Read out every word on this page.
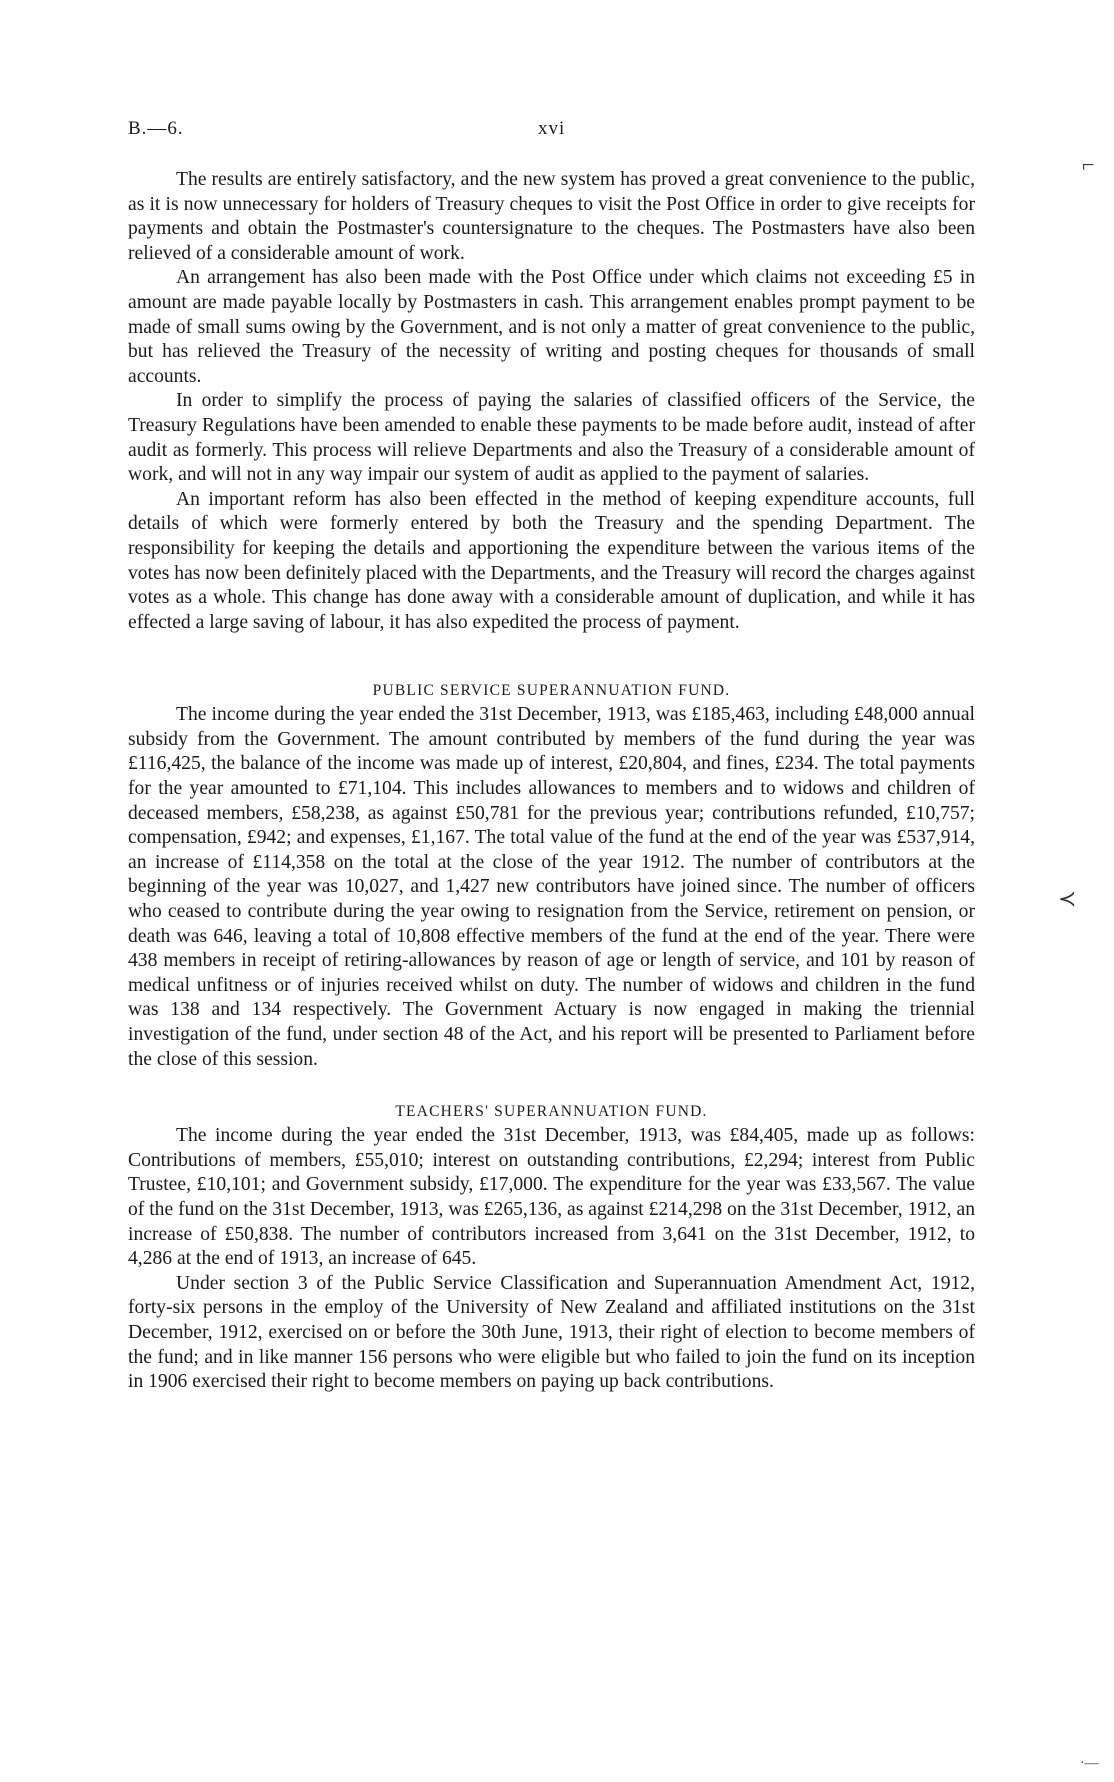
B.—6.	xvi
⌐
≺
·—

The results are entirely satisfactory, and the new system has proved a great convenience to the public, as it is now unnecessary for holders of Treasury cheques to visit the Post Office in order to give receipts for payments and obtain the Postmaster's countersignature to the cheques. The Postmasters have also been relieved of a considerable amount of work.

An arrangement has also been made with the Post Office under which claims not exceeding £5 in amount are made payable locally by Postmasters in cash. This arrangement enables prompt payment to be made of small sums owing by the Government, and is not only a matter of great convenience to the public, but has relieved the Treasury of the necessity of writing and posting cheques for thousands of small accounts.

In order to simplify the process of paying the salaries of classified officers of the Service, the Treasury Regulations have been amended to enable these payments to be made before audit, instead of after audit as formerly. This process will relieve Departments and also the Treasury of a considerable amount of work, and will not in any way impair our system of audit as applied to the payment of salaries.

An important reform has also been effected in the method of keeping expenditure accounts, full details of which were formerly entered by both the Treasury and the spending Department. The responsibility for keeping the details and apportioning the expenditure between the various items of the votes has now been definitely placed with the Departments, and the Treasury will record the charges against votes as a whole. This change has done away with a considerable amount of duplication, and while it has effected a large saving of labour, it has also expedited the process of payment.

PUBLIC SERVICE SUPERANNUATION FUND.

The income during the year ended the 31st December, 1913, was £185,463, including £48,000 annual subsidy from the Government. The amount contributed by members of the fund during the year was £116,425, the balance of the income was made up of interest, £20,804, and fines, £234. The total payments for the year amounted to £71,104. This includes allowances to members and to widows and children of deceased members, £58,238, as against £50,781 for the previous year; contributions refunded, £10,757; compensation, £942; and expenses, £1,167. The total value of the fund at the end of the year was £537,914, an increase of £114,358 on the total at the close of the year 1912. The number of contributors at the beginning of the year was 10,027, and 1,427 new contributors have joined since. The number of officers who ceased to contribute during the year owing to resignation from the Service, retirement on pension, or death was 646, leaving a total of 10,808 effective members of the fund at the end of the year. There were 438 members in receipt of retiring-allowances by reason of age or length of service, and 101 by reason of medical unfitness or of injuries received whilst on duty. The number of widows and children in the fund was 138 and 134 respectively. The Government Actuary is now engaged in making the triennial investigation of the fund, under section 48 of the Act, and his report will be presented to Parliament before the close of this session.

TEACHERS' SUPERANNUATION FUND.

The income during the year ended the 31st December, 1913, was £84,405, made up as follows: Contributions of members, £55,010; interest on outstanding contributions, £2,294; interest from Public Trustee, £10,101; and Government subsidy, £17,000. The expenditure for the year was £33,567. The value of the fund on the 31st December, 1913, was £265,136, as against £214,298 on the 31st December, 1912, an increase of £50,838. The number of contributors increased from 3,641 on the 31st December, 1912, to 4,286 at the end of 1913, an increase of 645.

Under section 3 of the Public Service Classification and Superannuation Amendment Act, 1912, forty-six persons in the employ of the University of New Zealand and affiliated institutions on the 31st December, 1912, exercised on or before the 30th June, 1913, their right of election to become members of the fund; and in like manner 156 persons who were eligible but who failed to join the fund on its inception in 1906 exercised their right to become members on paying up back contributions.
